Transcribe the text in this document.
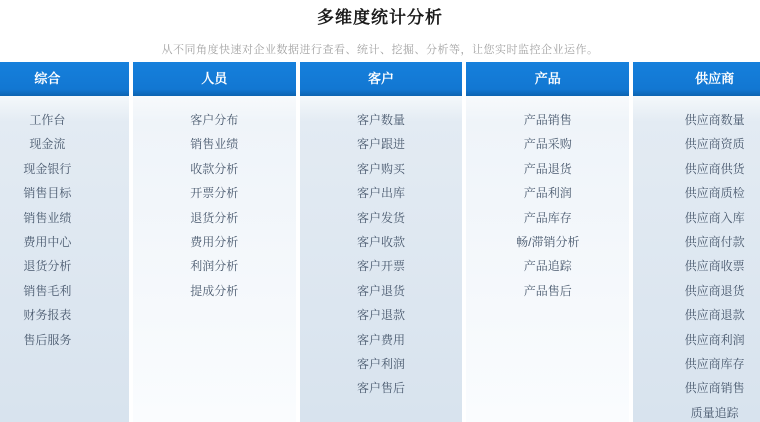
多维度统计分析
从不同角度快速对企业数据进行查看、统计、挖掘、分析等，让您实时监控企业运作。
综合
工作台
现金流
现金银行
销售目标
销售业绩
费用中心
退货分析
销售毛利
财务报表
售后服务
人员
客户分布
销售业绩
收款分析
开票分析
退货分析
费用分析
利润分析
提成分析
客户
客户数量
客户跟进
客户购买
客户出库
客户发货
客户收款
客户开票
客户退货
客户退款
客户费用
客户利润
客户售后
产品
产品销售
产品采购
产品退货
产品利润
产品库存
畅/滞销分析
产品追踪
产品售后
供应商
供应商数量
供应商资质
供应商供货
供应商质检
供应商入库
供应商付款
供应商收票
供应商退货
供应商退款
供应商利润
供应商库存
供应商销售
质量追踪
